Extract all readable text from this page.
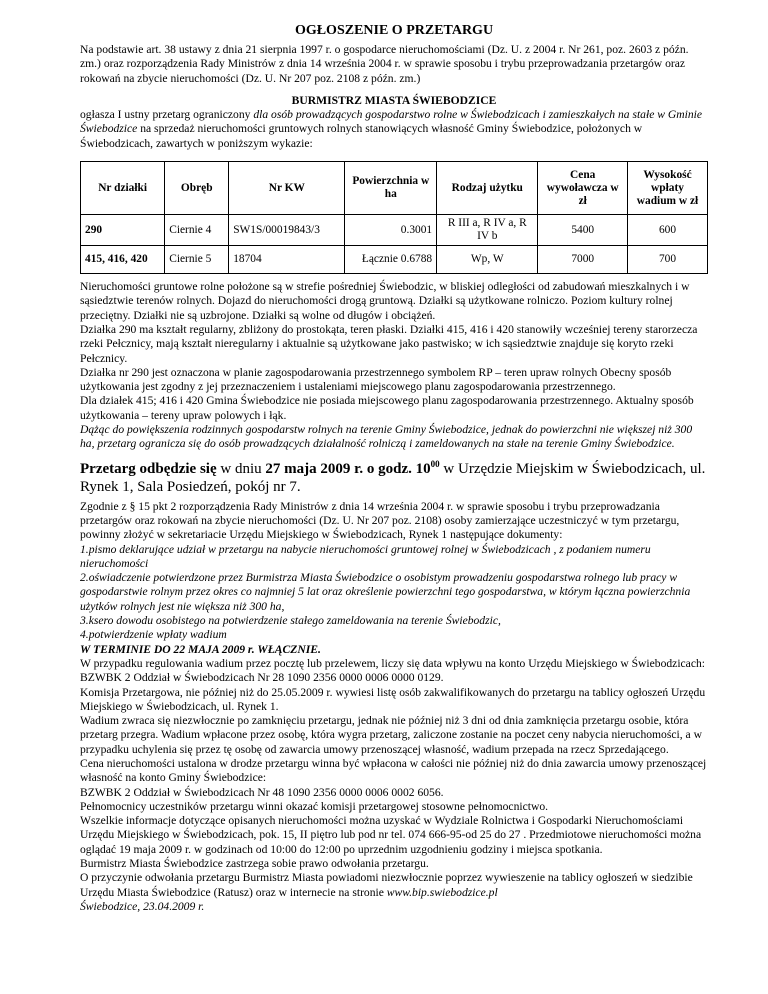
OGŁOSZENIE O PRZETARGU

Na podstawie art. 38 ustawy z dnia 21 sierpnia 1997 r. o gospodarce nieruchomościami (Dz. U. z 2004 r. Nr 261, poz. 2603 z późn. zm.) oraz rozporządzenia Rady Ministrów z dnia 14 września 2004 r. w sprawie sposobu i trybu przeprowadzania przetargów oraz rokowań na zbycie nieruchomości (Dz. U. Nr 207 poz. 2108 z późn. zm.)

BURMISTRZ MIASTA ŚWIEBODZICE

ogłasza I ustny przetarg ograniczony dla osób prowadzących gospodarstwo rolne w Świebodzicach i zamieszkałych na stałe w Gminie Świebodzice na sprzedaż nieruchomości gruntowych rolnych stanowiących własność Gminy Świebodzice, położonych w Świebodzicach, zawartych w poniższym wykazie:

Nr działki	Obręb	Nr KW	Powierzchnia w ha	Rodzaj użytku	Cena wywoławcza w zł	Wysokość wpłaty wadium w zł
290	Ciernie 4	SW1S/00019843/3	0.3001	R III a, R IV a, R IV b	5400	600
415, 416, 420	Ciernie 5	18704	Łącznie 0.6788	Wp, W	7000	700

Nieruchomości gruntowe rolne położone są w strefie pośredniej Świebodzic, w bliskiej odległości od zabudowań mieszkalnych i w sąsiedztwie terenów rolnych. Dojazd do nieruchomości drogą gruntową. Działki są użytkowane rolniczo. Poziom kultury rolnej przeciętny. Działki nie są uzbrojone. Działki są wolne od długów i obciążeń.

Działka 290 ma kształt regularny, zbliżony do prostokąta, teren płaski. Działki 415, 416 i 420 stanowiły wcześniej tereny starorzecza rzeki Pełcznicy, mają kształt nieregularny i aktualnie są użytkowane jako pastwisko; w ich sąsiedztwie znajduje się koryto rzeki Pełcznicy.

Działka nr 290 jest oznaczona w planie zagospodarowania przestrzennego symbolem RP – teren upraw rolnych Obecny sposób użytkowania jest zgodny z jej przeznaczeniem i ustaleniami miejscowego planu zagospodarowania przestrzennego.

Dla działek 415; 416 i 420 Gmina Świebodzice nie posiada miejscowego planu zagospodarowania przestrzennego. Aktualny sposób użytkowania – tereny upraw polowych i łąk.

Dążąc do powiększenia rodzinnych gospodarstw rolnych na terenie Gminy Świebodzice, jednak do powierzchni nie większej niż 300 ha, przetarg ogranicza się do osób prowadzących działalność rolniczą i zameldowanych na stałe na terenie Gminy Świebodzice.

Przetarg odbędzie się w dniu 27 maja 2009 r. o godz. $10^{00}$ w Urzędzie Miejskim w Świebodzicach, ul. Rynek 1, Sala Posiedzeń, pokój nr 7.

Zgodnie z § 15 pkt 2 rozporządzenia Rady Ministrów z dnia 14 września 2004 r. w sprawie sposobu i trybu przeprowadzania przetargów oraz rokowań na zbycie nieruchomości (Dz. U. Nr 207 poz. 2108) osoby zamierzające uczestniczyć w tym przetargu, powinny złożyć w sekretariacie Urzędu Miejskiego w Świebodzicach, Rynek 1 następujące dokumenty:

1.pismo deklarujące udział w przetargu na nabycie nieruchomości gruntowej rolnej w Świebodzicach , z podaniem numeru nieruchomości

2.oświadczenie potwierdzone przez Burmistrza Miasta Świebodzice o osobistym prowadzeniu gospodarstwa rolnego lub pracy w gospodarstwie rolnym przez okres co najmniej 5 lat oraz określenie powierzchni tego gospodarstwa, w którym łączna powierzchnia użytków rolnych jest nie większa niż 300 ha,

3.ksero dowodu osobistego na potwierdzenie stałego zameldowania na terenie Świebodzic,

4.potwierdzenie wpłaty wadium

W TERMINIE DO 22 MAJA 2009 r. WŁĄCZNIE.

W przypadku regulowania wadium przez pocztę lub przelewem, liczy się data wpływu na konto Urzędu Miejskiego w Świebodzicach: BZWBK 2 Oddział w Świebodzicach Nr 28 1090 2356 0000 0006 0000 0129.

Komisja Przetargowa, nie później niż do 25.05.2009 r. wywiesi listę osób zakwalifikowanych do przetargu na tablicy ogłoszeń Urzędu Miejskiego w Świebodzicach, ul. Rynek 1.

Wadium zwraca się niezwłocznie po zamknięciu przetargu, jednak nie później niż 3 dni od dnia zamknięcia przetargu osobie, która przetarg przegra. Wadium wpłacone przez osobę, która wygra przetarg, zaliczone zostanie na poczet ceny nabycia nieruchomości, a w przypadku uchylenia się przez tę osobę od zawarcia umowy przenoszącej własność, wadium przepada na rzecz Sprzedającego.

Cena nieruchomości ustalona w drodze przetargu winna być wpłacona w całości nie później niż do dnia zawarcia umowy przenoszącej własność na konto Gminy Świebodzice:

BZWBK 2 Oddział w Świebodzicach Nr 48 1090 2356 0000 0006 0002 6056.

Pełnomocnicy uczestników przetargu winni okazać komisji przetargowej stosowne pełnomocnictwo.

Wszelkie informacje dotyczące opisanych nieruchomości można uzyskać w Wydziale Rolnictwa i Gospodarki Nieruchomościami Urzędu Miejskiego w Świebodzicach, pok. 15, II piętro lub pod nr tel. 074 666-95-od 25 do 27 . Przedmiotowe nieruchomości można oglądać 19 maja 2009 r. w godzinach od 10:00 do 12:00 po uprzednim uzgodnieniu godziny i miejsca spotkania.

Burmistrz Miasta Świebodzice zastrzega sobie prawo odwołania przetargu.

O przyczynie odwołania przetargu Burmistrz Miasta powiadomi niezwłocznie poprzez wywieszenie na tablicy ogłoszeń w siedzibie Urzędu Miasta Świebodzice (Ratusz) oraz w internecie na stronie www.bip.swiebodzice.pl

Świebodzice, 23.04.2009 r.
